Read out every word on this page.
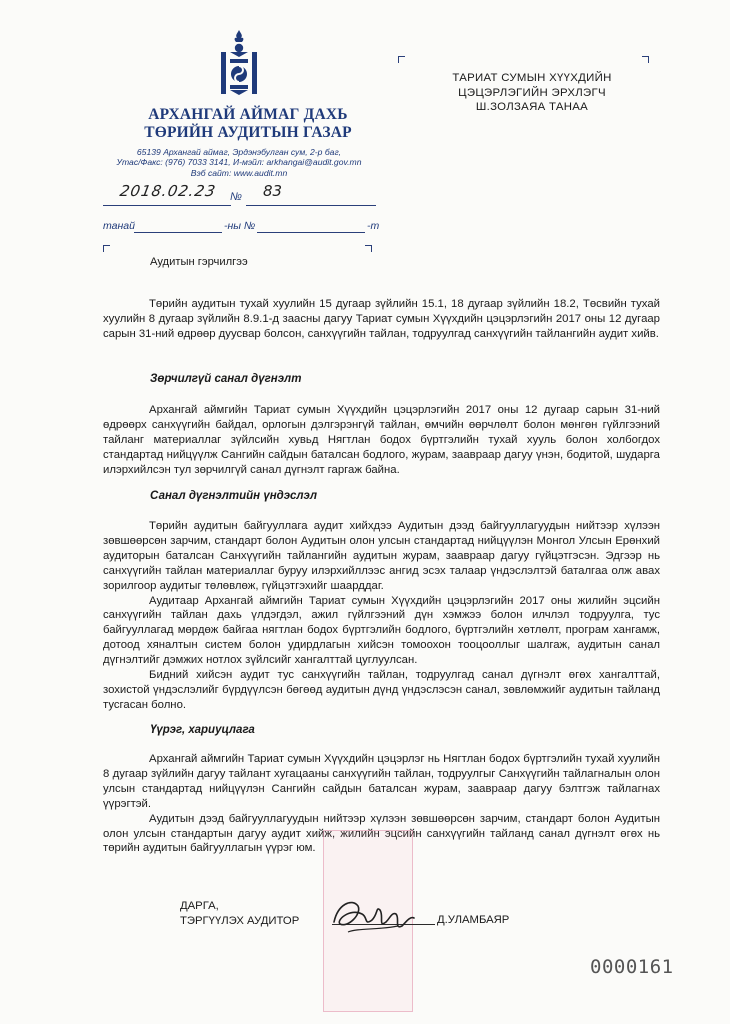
АРХАНГАЙ АЙМАГ ДАХЬ
ТӨРИЙН АУДИТЫН ГАЗАР
65139 Архангай аймаг, Эрдэнэбулган сум, 2-р баг,
Утас/Факс: (976) 7033 3141, И-мэйл: arkhangai@audit.gov.mn
Вэб сайт: www.audit.mn
ТАРИАТ СУМЫН ХҮҮХДИЙН
ЦЭЦЭРЛЭГИЙН ЭРХЛЭГЧ
Ш.ЗОЛЗАЯА ТАНАА
2018.02.23 № 83
танай	-ны №	-т
Аудитын гэрчилгээ

Төрийн аудитын тухай хуулийн 15 дугаар зүйлийн 15.1, 18 дугаар зүйлийн 18.2, Төсвийн тухай хуулийн 8 дугаар зүйлийн 8.9.1-д заасны дагуу Тариат сумын Хүүхдийн цэцэрлэгийн 2017 оны 12 дугаар сарын 31-ний өдрөөр дуусвар болсон, санхүүгийн тайлан, тодруулгад санхүүгийн тайлангийн аудит хийв.

Зөрчилгүй санал дүгнэлт

Архангай аймгийн Тариат сумын Хүүхдийн цэцэрлэгийн 2017 оны 12 дугаар сарын 31-ний өдрөөрх санхүүгийн байдал, орлогын дэлгэрэнгүй тайлан, өмчийн өөрчлөлт болон мөнгөн гүйлгээний тайланг материаллаг зүйлсийн хувьд Нягтлан бодох бүртгэлийн тухай хууль болон холбогдох стандартад нийцүүлж Сангийн сайдын баталсан бодлого, журам, заавраар дагуу үнэн, бодитой, шударга илэрхийлсэн тул зөрчилгүй санал дүгнэлт гаргаж байна.

Санал дүгнэлтийн үндэслэл

Төрийн аудитын байгууллага аудит хийхдээ Аудитын дээд байгууллагуудын нийтээр хүлээн зөвшөөрсөн зарчим, стандарт болон Аудитын олон улсын стандартад нийцүүлэн Монгол Улсын Ерөнхий аудиторын баталсан Санхүүгийн тайлангийн аудитын журам, заавраар дагуу гүйцэтгэсэн. Эдгээр нь санхүүгийн тайлан материаллаг буруу илэрхийллээс ангид эсэх талаар үндэслэлтэй баталгаа олж авах зорилгоор аудитыг төлөвлөж, гүйцэтгэхийг шаарддаг.

Аудитаар Архангай аймгийн Тариат сумын Хүүхдийн цэцэрлэгийн 2017 оны жилийн эцсийн санхүүгийн тайлан дахь үлдэгдэл, ажил гүйлгээний дүн хэмжээ болон илчлэл тодруулга, тус байгууллагад мөрдөж байгаа нягтлан бодох бүртгэлийн бодлого, бүртгэлийн хөтлөлт, програм хангамж, дотоод хяналтын систем болон удирдлагын хийсэн томоохон тооцооллыг шалгаж, аудитын санал дүгнэлтийг дэмжих нотлох зүйлсийг хангалттай цуглуулсан.

Бидний хийсэн аудит тус санхүүгийн тайлан, тодруулгад санал дүгнэлт өгөх хангалттай, зохистой үндэслэлийг бүрдүүлсэн бөгөөд аудитын дүнд үндэслэсэн санал, зөвлөмжийг аудитын тайланд тусгасан болно.

Үүрэг, хариуцлага

Архангай аймгийн Тариат сумын Хүүхдийн цэцэрлэг нь Нягтлан бодох бүртгэлийн тухай хуулийн 8 дугаар зүйлийн дагуу тайлант хугацааны санхүүгийн тайлан, тодруулгыг Санхүүгийн тайлагналын олон улсын стандартад нийцүүлэн Сангийн сайдын баталсан журам, заавраар дагуу бэлтгэж тайлагнах үүрэгтэй.

Аудитын дээд байгууллагуудын нийтээр хүлээн зөвшөөрсөн зарчим, стандарт болон Аудитын олон улсын стандартын дагуу аудит хийж, жилийн эцсийн санхүүгийн тайланд санал дүгнэлт өгөх нь төрийн аудитын байгууллагын үүрэг юм.

ДАРГА,
ТЭРГҮҮЛЭХ АУДИТОР	Д.УЛАМБАЯР
0000161
